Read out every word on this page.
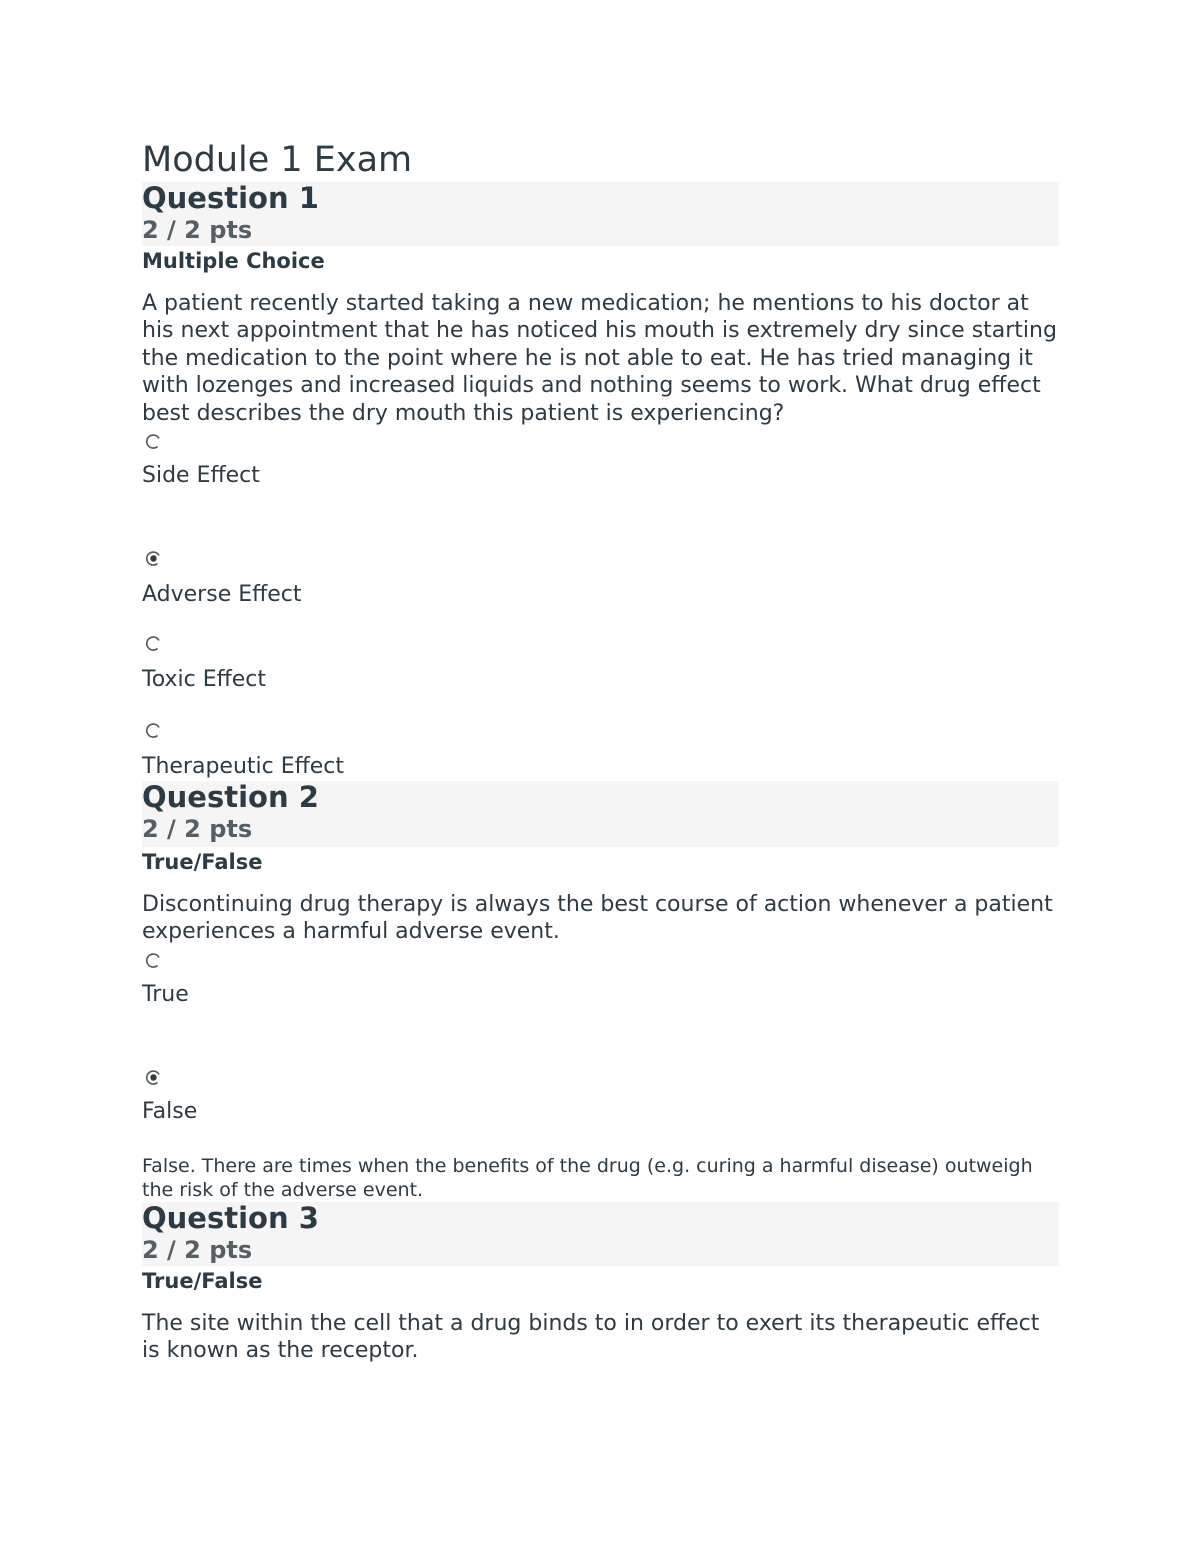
Module 1 Exam
Question 1
2 / 2 pts
Multiple Choice
A patient recently started taking a new medication; he mentions to his doctor at his next appointment that he has noticed his mouth is extremely dry since starting the medication to the point where he is not able to eat. He has tried managing it with lozenges and increased liquids and nothing seems to work. What drug effect best describes the dry mouth this patient is experiencing?
Side Effect
Adverse Effect
Toxic Effect
Therapeutic Effect
Question 2
2 / 2 pts
True/False
Discontinuing drug therapy is always the best course of action whenever a patient experiences a harmful adverse event.
True
False
False. There are times when the benefits of the drug (e.g. curing a harmful disease) outweigh the risk of the adverse event.
Question 3
2 / 2 pts
True/False
The site within the cell that a drug binds to in order to exert its therapeutic effect is known as the receptor.
